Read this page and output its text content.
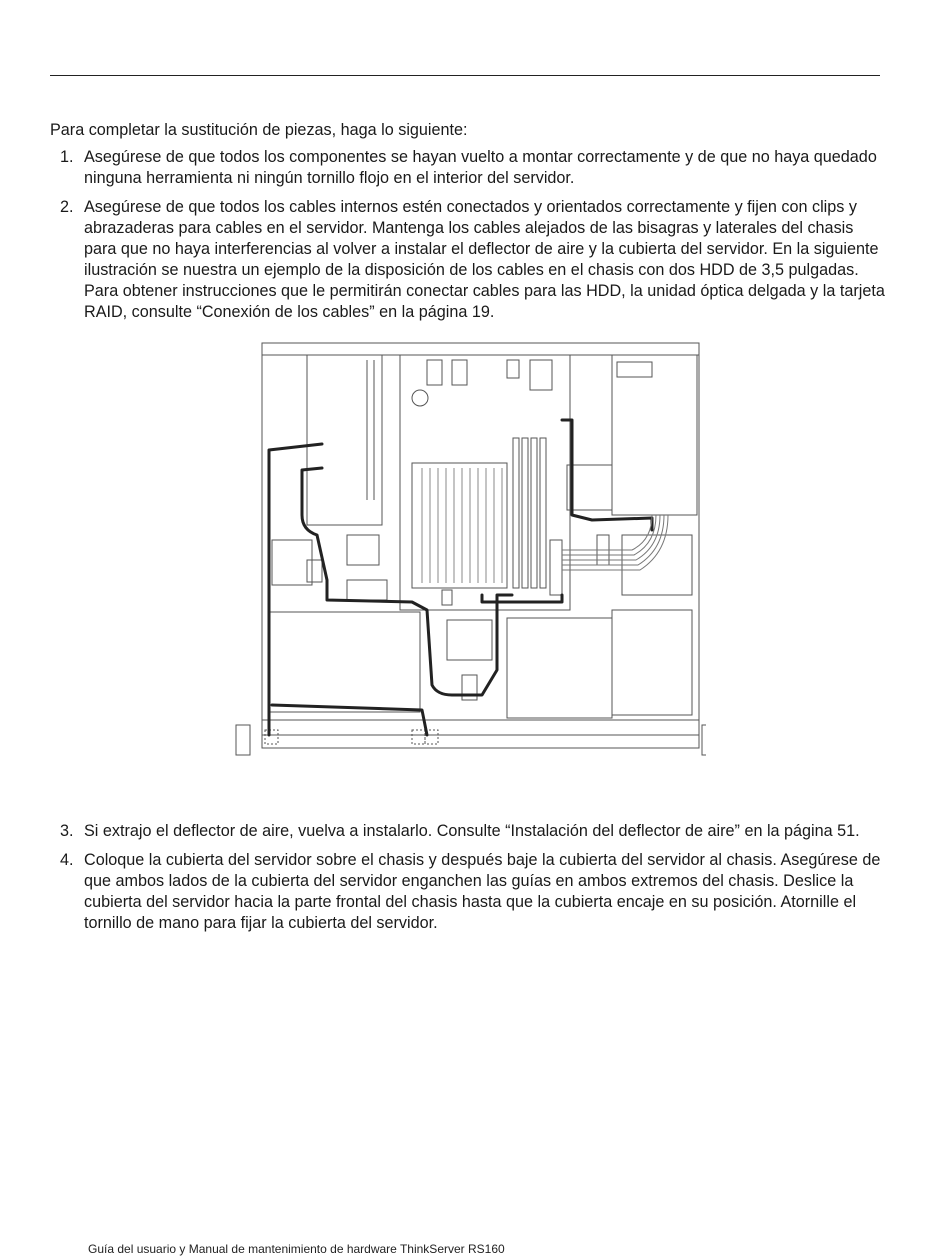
Para completar la sustitución de piezas, haga lo siguiente:

1. Asegúrese de que todos los componentes se hayan vuelto a montar correctamente y de que no haya quedado ninguna herramienta ni ningún tornillo flojo en el interior del servidor.
2. Asegúrese de que todos los cables internos estén conectados y orientados correctamente y fijen con clips y abrazaderas para cables en el servidor. Mantenga los cables alejados de las bisagras y laterales del chasis para que no haya interferencias al volver a instalar el deflector de aire y la cubierta del servidor. En la siguiente ilustración se nuestra un ejemplo de la disposición de los cables en el chasis con dos HDD de 3,5 pulgadas. Para obtener instrucciones que le permitirán conectar cables para las HDD, la unidad óptica delgada y la tarjeta RAID, consulte “Conexión de los cables” en la página 19.
3. Si extrajo el deflector de aire, vuelva a instalarlo. Consulte “Instalación del deflector de aire” en la página 51.
4. Coloque la cubierta del servidor sobre el chasis y después baje la cubierta del servidor al chasis. Asegúrese de que ambos lados de la cubierta del servidor enganchen las guías en ambos extremos del chasis. Deslice la cubierta del servidor hacia la parte frontal del chasis hasta que la cubierta encaje en su posición. Atornille el tornillo de mano para fijar la cubierta del servidor.
Guía del usuario y Manual de mantenimiento de hardware ThinkServer RS160
